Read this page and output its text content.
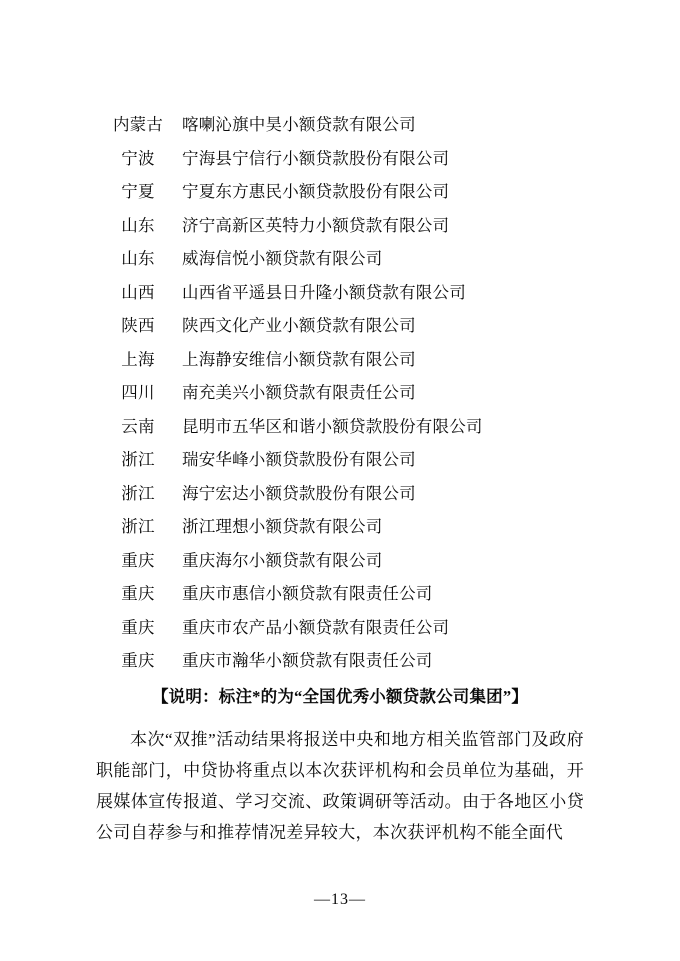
内蒙古	喀喇沁旗中昊小额贷款有限公司
宁波	宁海县宁信行小额贷款股份有限公司
宁夏	宁夏东方惠民小额贷款股份有限公司
山东	济宁高新区英特力小额贷款有限公司
山东	威海信悦小额贷款有限公司
山西	山西省平遥县日升隆小额贷款有限公司
陕西	陕西文化产业小额贷款有限公司
上海	上海静安维信小额贷款有限公司
四川	南充美兴小额贷款有限责任公司
云南	昆明市五华区和谐小额贷款股份有限公司
浙江	瑞安华峰小额贷款股份有限公司
浙江	海宁宏达小额贷款股份有限公司
浙江	浙江理想小额贷款有限公司
重庆	重庆海尔小额贷款有限公司
重庆	重庆市惠信小额贷款有限责任公司
重庆	重庆市农产品小额贷款有限责任公司
重庆	重庆市瀚华小额贷款有限责任公司
【说明：标注*的为“全国优秀小额贷款公司集团”】

本次“双推”活动结果将报送中央和地方相关监管部门及政府职能部门，中贷协将重点以本次获评机构和会员单位为基础，开展媒体宣传报道、学习交流、政策调研等活动。由于各地区小贷公司自荐参与和推荐情况差异较大，本次获评机构不能全面代

—13—
